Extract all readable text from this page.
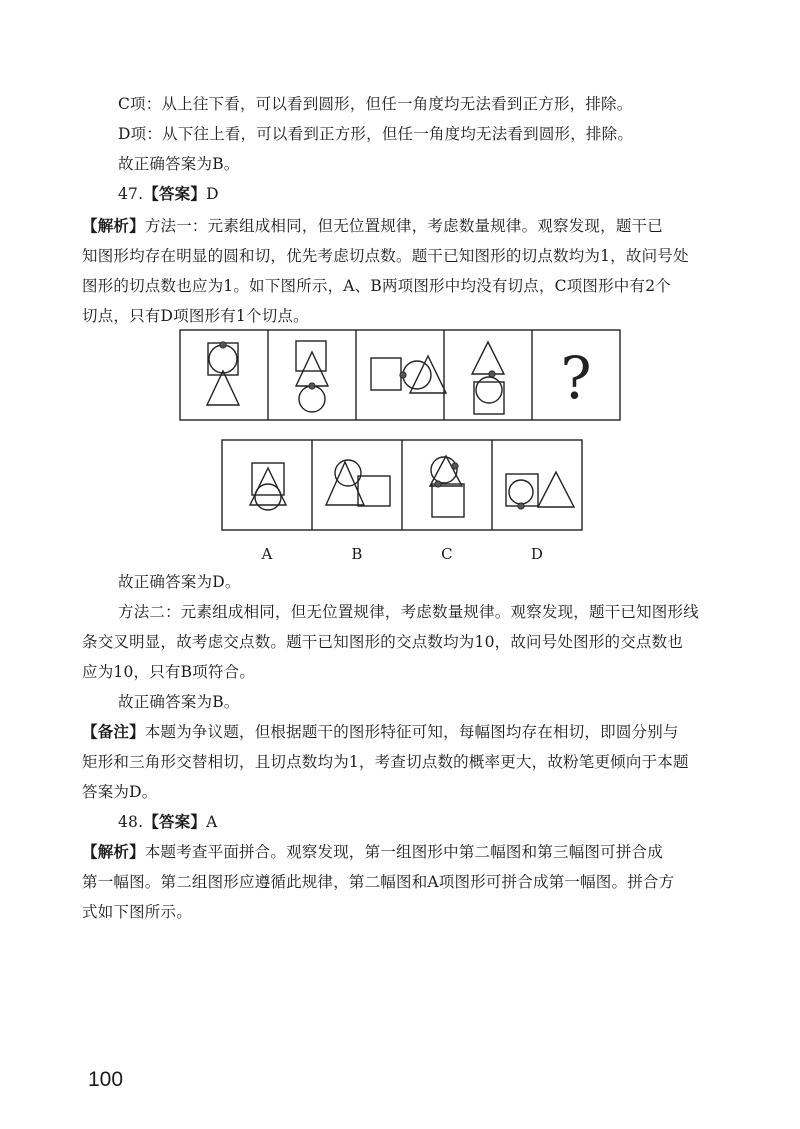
C项：从上往下看，可以看到圆形，但任一角度均无法看到正方形，排除。
D项：从下往上看，可以看到正方形，但任一角度均无法看到圆形，排除。
故正确答案为B。
47.【答案】D
【解析】方法一：元素组成相同，但无位置规律，考虑数量规律。观察发现，题干已
知图形均存在明显的圆和切，优先考虑切点数。题干已知图形的切点数均为1，故问号处
图形的切点数也应为1。如下图所示，A、B两项图形中均没有切点，C项图形中有2个
切点，只有D项图形有1个切点。
?
A	B	C	D
故正确答案为D。
方法二：元素组成相同，但无位置规律，考虑数量规律。观察发现，题干已知图形线
条交叉明显，故考虑交点数。题干已知图形的交点数均为10，故问号处图形的交点数也
应为10，只有B项符合。
故正确答案为B。
【备注】本题为争议题，但根据题干的图形特征可知，每幅图均存在相切，即圆分别与
矩形和三角形交替相切，且切点数均为1，考查切点数的概率更大，故粉笔更倾向于本题
答案为D。
48.【答案】A
【解析】本题考查平面拼合。观察发现，第一组图形中第二幅图和第三幅图可拼合成
第一幅图。第二组图形应遵循此规律，第二幅图和A项图形可拼合成第一幅图。拼合方
式如下图所示。
100
